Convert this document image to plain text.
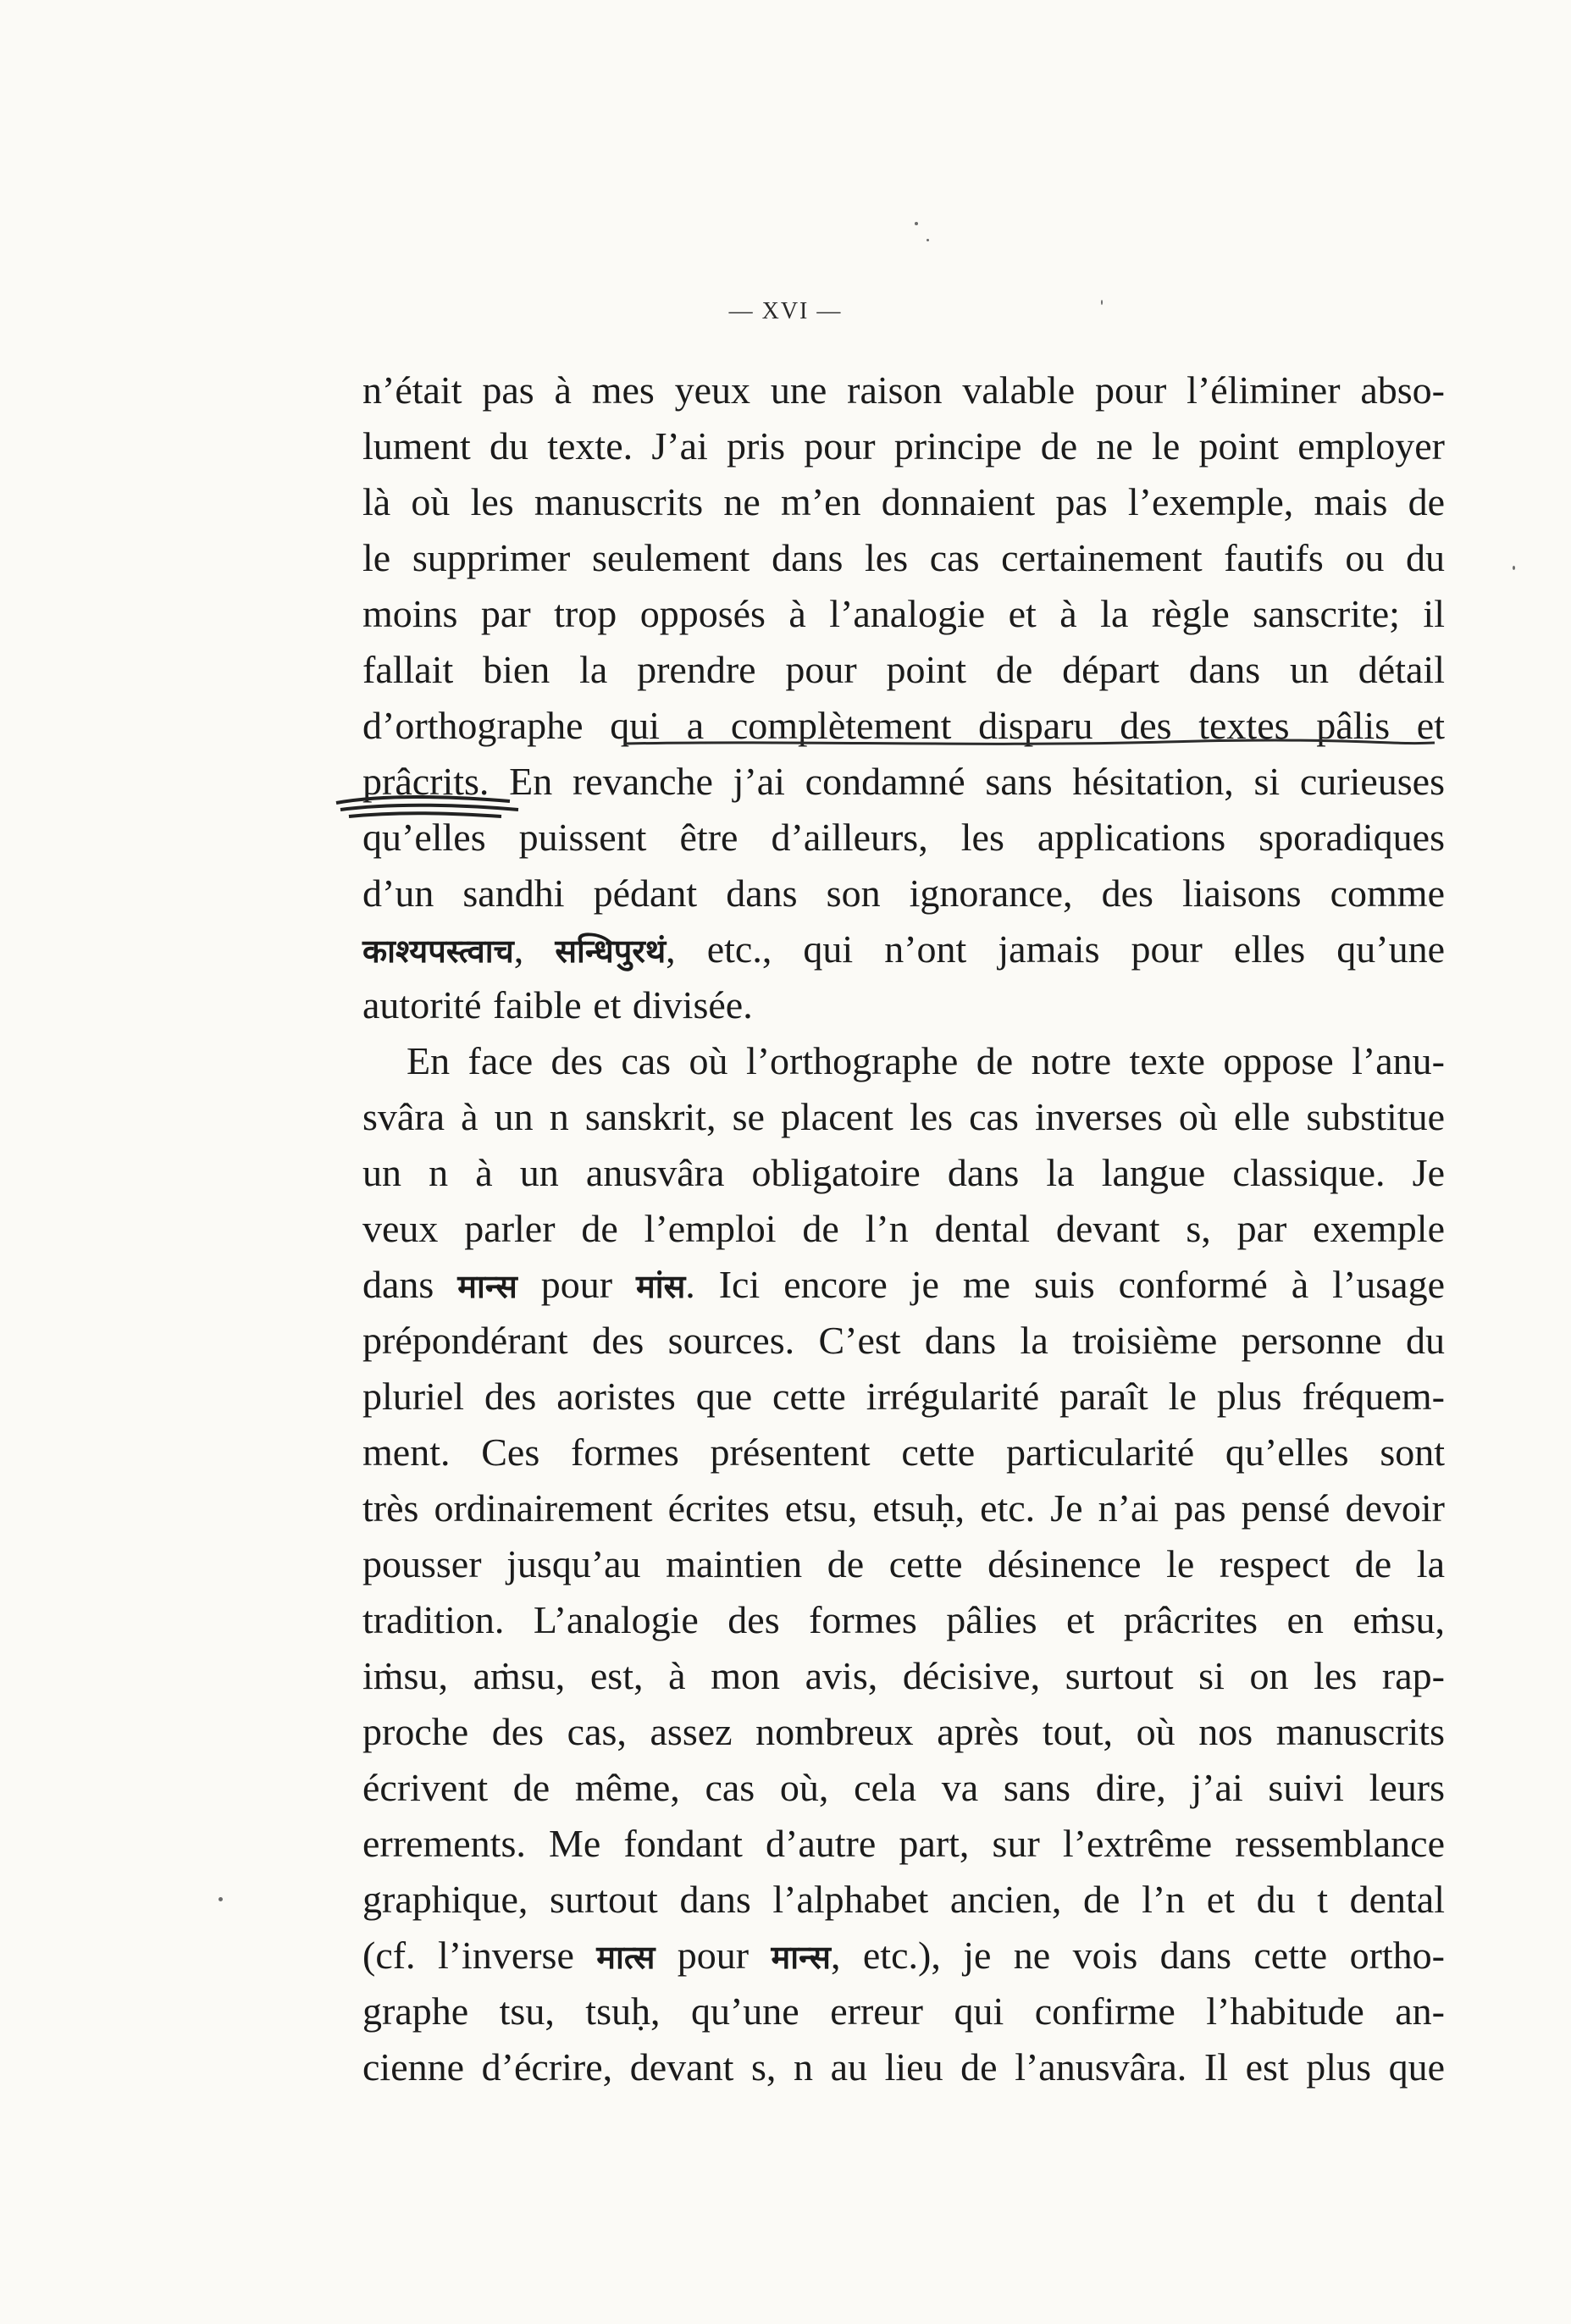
— XVI —
n’était pas à mes yeux une raison valable pour l’éliminer abso-
lument du texte. J’ai pris pour principe de ne le point employer
là où les manuscrits ne m’en donnaient pas l’exemple, mais de
le supprimer seulement dans les cas certainement fautifs ou du
moins par trop opposés à l’analogie et à la règle sanscrite; il
fallait bien la prendre pour point de départ dans un détail
d’orthographe qui a complètement disparu des textes pâlis et
prâcrits. En revanche j’ai condamné sans hésitation, si curieuses
qu’elles puissent être d’ailleurs, les applications sporadiques
d’un sandhi pédant dans son ignorance, des liaisons comme
काश्यपस्त्वाच, सन्धिपुरथं, etc., qui n’ont jamais pour elles qu’une
autorité faible et divisée.
En face des cas où l’orthographe de notre texte oppose l’anu-
svâra à un n sanskrit, se placent les cas inverses où elle substitue
un n à un anusvâra obligatoire dans la langue classique. Je
veux parler de l’emploi de l’n dental devant s, par exemple
dans मान्स pour मांस. Ici encore je me suis conformé à l’usage
prépondérant des sources. C’est dans la troisième personne du
pluriel des aoristes que cette irrégularité paraît le plus fréquem-
ment. Ces formes présentent cette particularité qu’elles sont
très ordinairement écrites etsu, etsuḥ, etc. Je n’ai pas pensé devoir
pousser jusqu’au maintien de cette désinence le respect de la
tradition. L’analogie des formes pâlies et prâcrites en eṁsu,
iṁsu, aṁsu, est, à mon avis, décisive, surtout si on les rap-
proche des cas, assez nombreux après tout, où nos manuscrits
écrivent de même, cas où, cela va sans dire, j’ai suivi leurs
errements. Me fondant d’autre part, sur l’extrême ressemblance
graphique, surtout dans l’alphabet ancien, de l’n et du t dental
(cf. l’inverse मात्स pour मान्स, etc.), je ne vois dans cette ortho-
graphe tsu, tsuḥ, qu’une erreur qui confirme l’habitude an-
cienne d’écrire, devant s, n au lieu de l’anusvâra. Il est plus que
